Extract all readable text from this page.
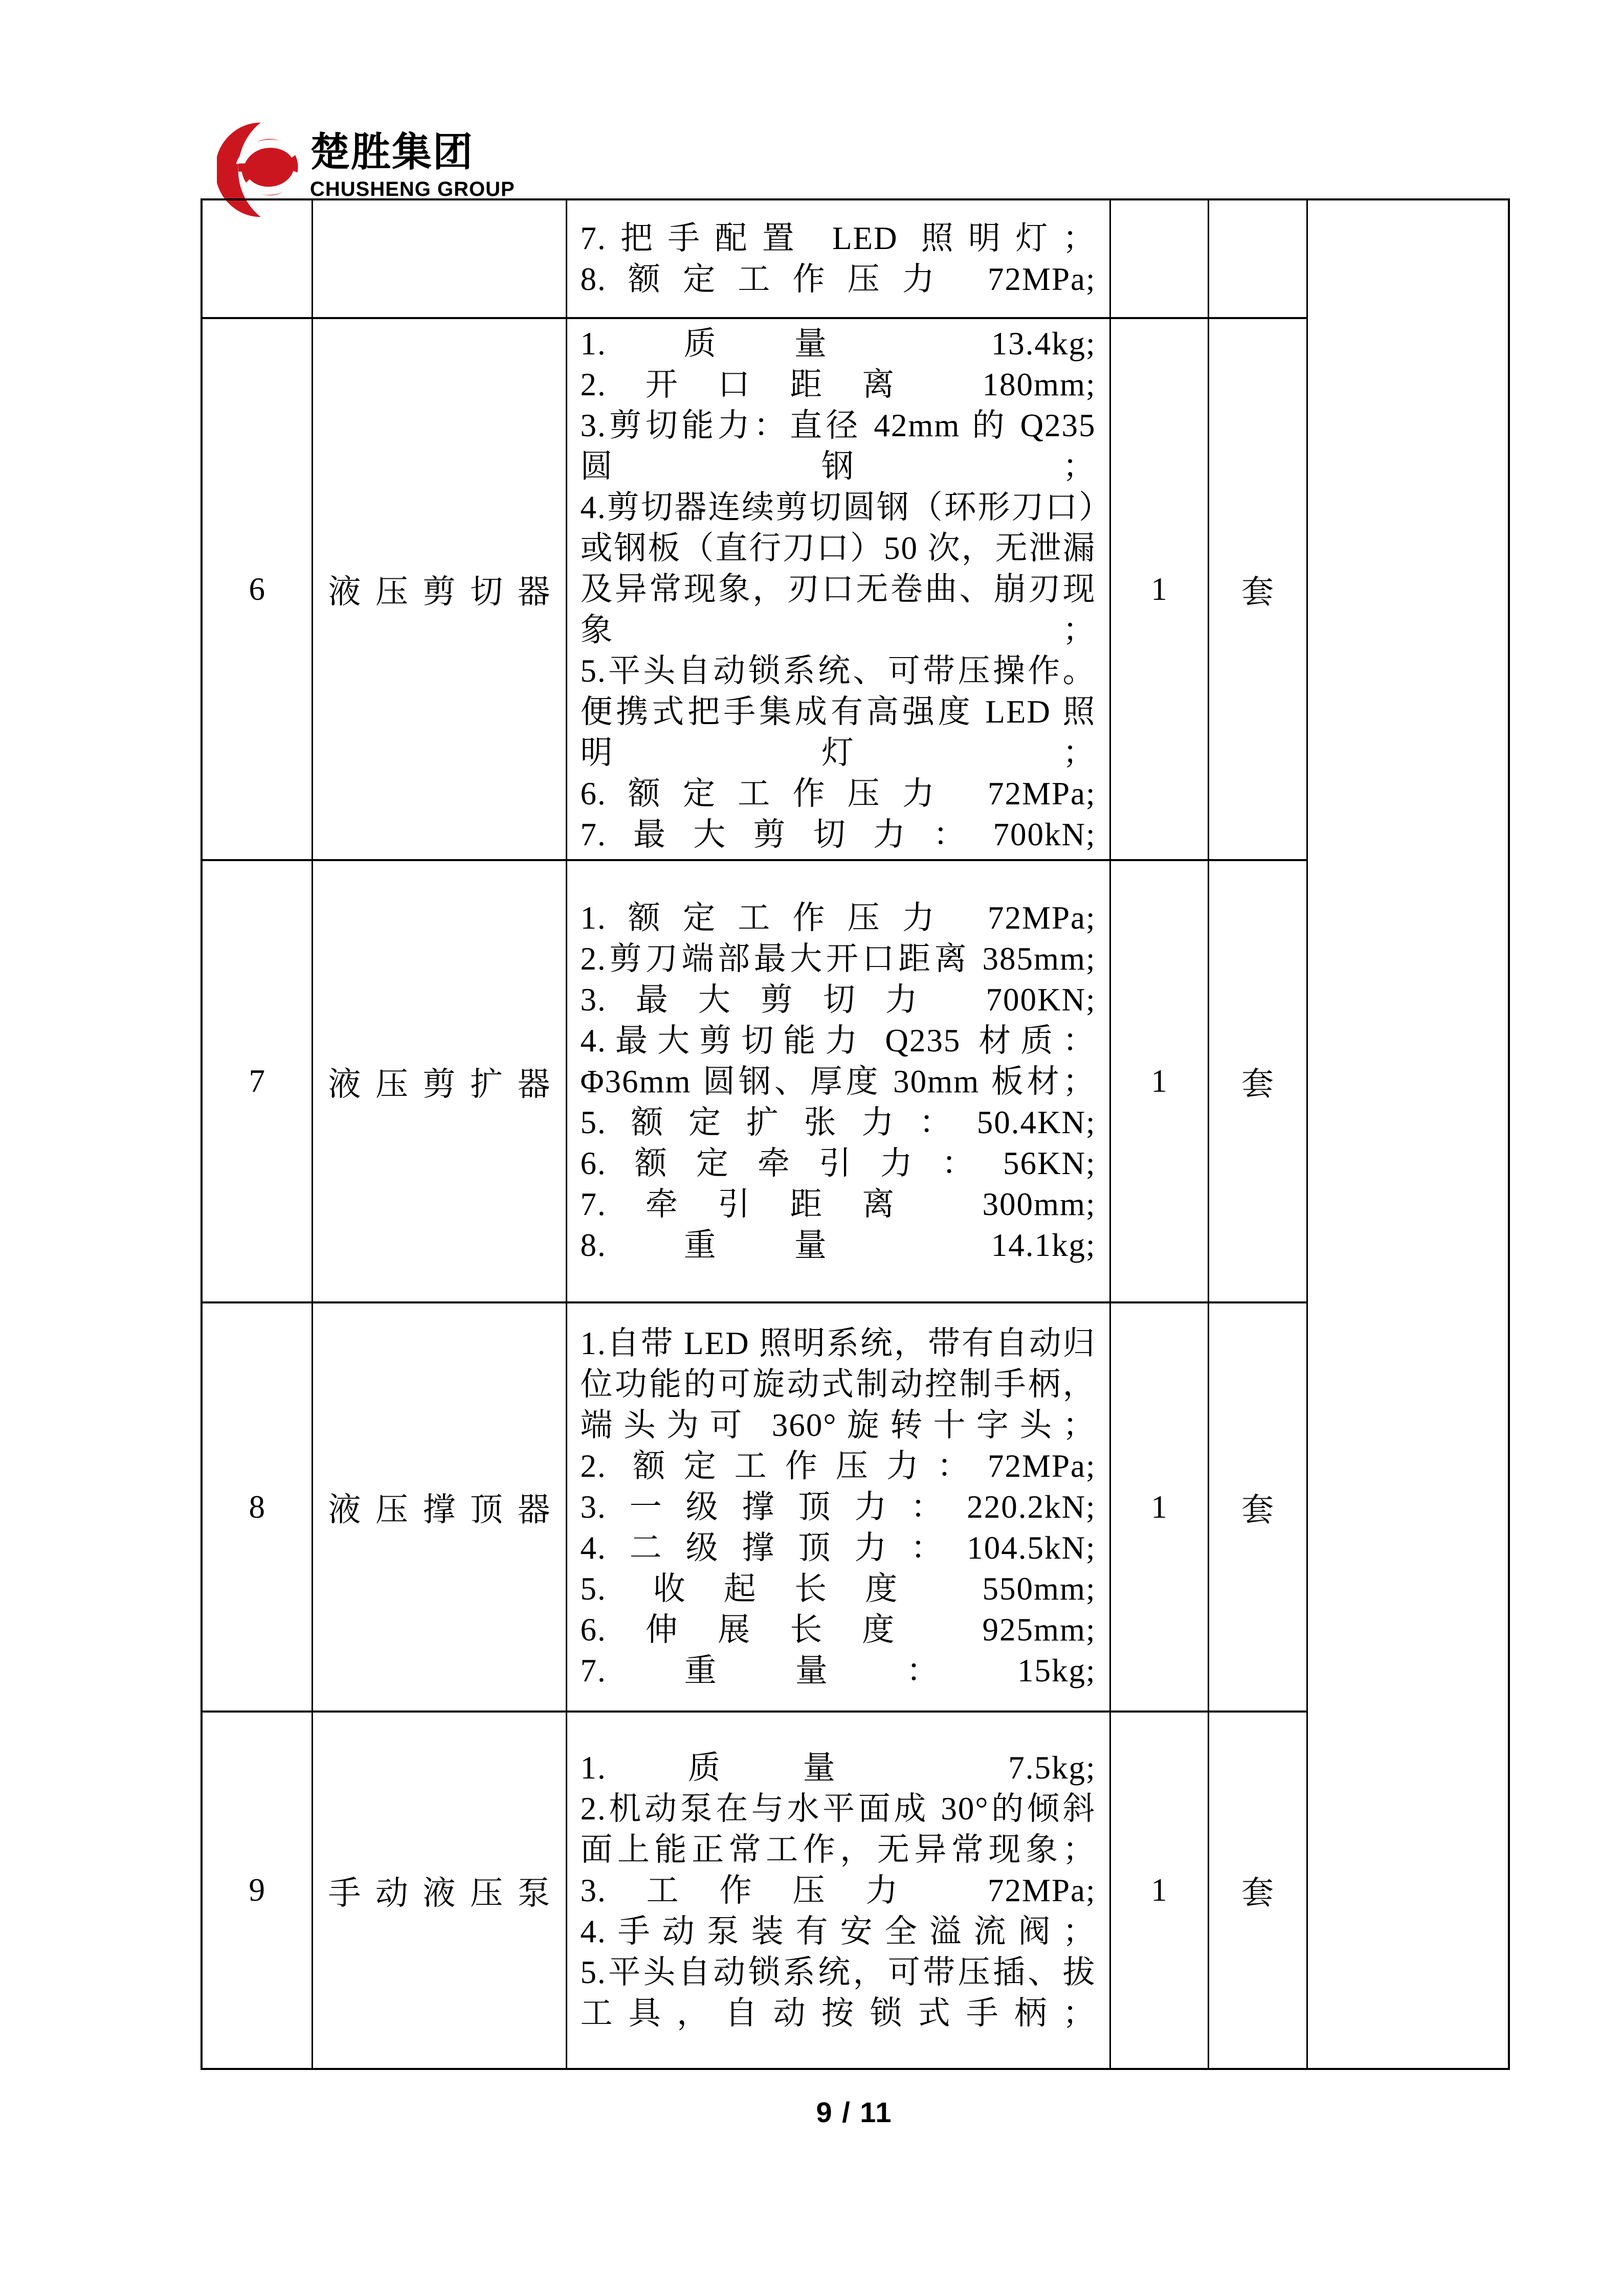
楚胜集团
CHUSHENG GROUP

		7.把手配置 LED 照明灯；
8.额定工作压力 72MPa;			

6	液压剪切器

1.质量 13.4kg;
2.开口距离 180mm;
3.剪切能力：直径 42mm 的 Q235 圆钢；
4.剪切器连续剪切圆钢（环形刀口）或钢板（直行刀口）50 次，无泄漏及异常现象，刃口无卷曲、崩刃现象；
5.平头自动锁系统、可带压操作。便携式把手集成有高强度 LED 照明灯；
6.额定工作压力 72MPa;
7.最大剪切力：700kN;
	1	套
7	液压剪扩器

1.额定工作压力 72MPa;
2.剪刀端部最大开口距离 385mm;
3.最大剪切力 700KN;
4.最大剪切能力 Q235 材质：Φ36mm 圆钢、厚度 30mm 板材；
5.额定扩张力：50.4KN;
6.额定牵引力：56KN;
7.牵引距离 300mm;
8.重量 14.1kg;
	1	套
8	液压撑顶器

1.自带 LED 照明系统，带有自动归位功能的可旋动式制动控制手柄，端头为可 360°旋转十字头；
2. 额定工作压力：72MPa;
3.一级撑顶力：220.2kN;
4.二级撑顶力：104.5kN;
5. 收起长度 550mm;
6.伸展长度 925mm;
7.重量：15kg;
	1	套
9	手动液压泵	1.质量 7.5kg;
2.机动泵在与水平面成 30°的倾斜面上能正常工作，无异常现象；
3.工作压力 72MPa;
4.手动泵装有安全溢流阀；
5.平头自动锁系统，可带压插、拔工具，自动按锁式手柄；	1	套	
9 / 11
